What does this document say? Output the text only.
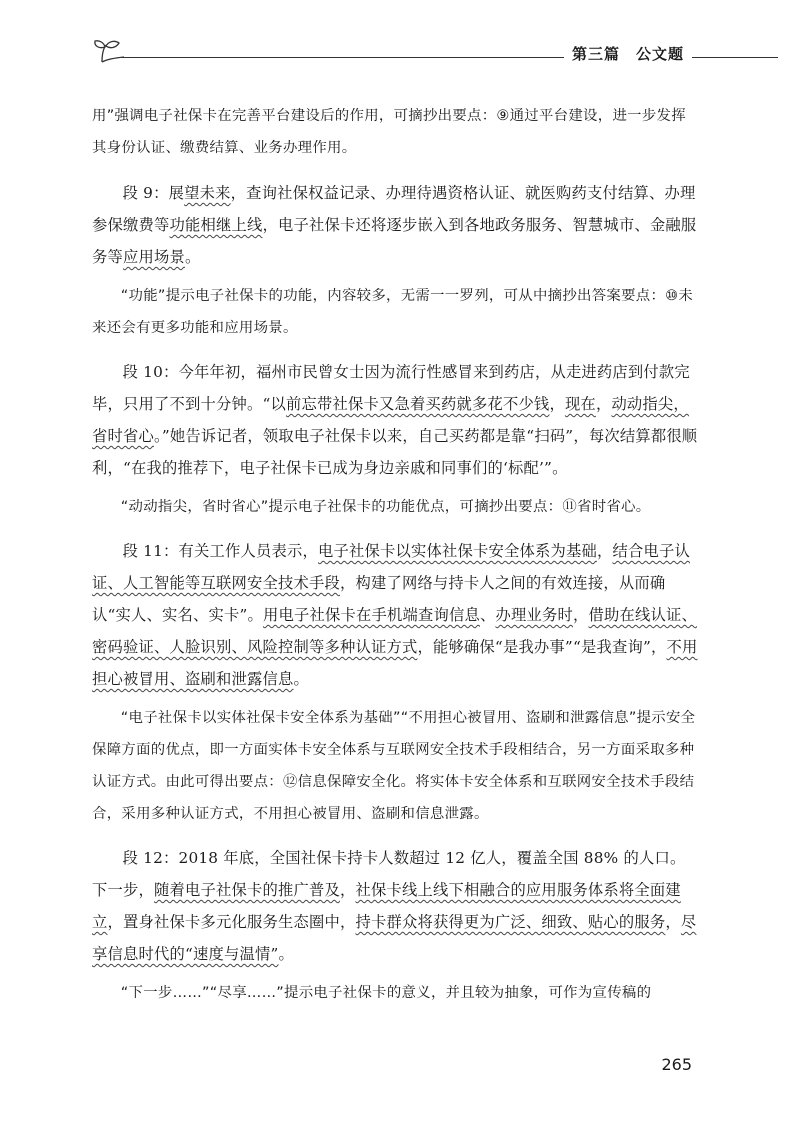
第三篇　公文题

用”强调电子社保卡在完善平台建设后的作用，可摘抄出要点：⑨通过平台建设，进一步发挥其身份认证、缴费结算、业务办理作用。

段 9：展望未来，查询社保权益记录、办理待遇资格认证、就医购药支付结算、办理参保缴费等功能相继上线，电子社保卡还将逐步嵌入到各地政务服务、智慧城市、金融服务等应用场景。

“功能”提示电子社保卡的功能，内容较多，无需一一罗列，可从中摘抄出答案要点：⑩未来还会有更多功能和应用场景。

段 10：今年年初，福州市民曾女士因为流行性感冒来到药店，从走进药店到付款完毕，只用了不到十分钟。“以前忘带社保卡又急着买药就多花不少钱，现在，动动指尖，省时省心。”她告诉记者，领取电子社保卡以来，自己买药都是靠“扫码”，每次结算都很顺利，“在我的推荐下，电子社保卡已成为身边亲戚和同事们的‘标配’”。

“动动指尖，省时省心”提示电子社保卡的功能优点，可摘抄出要点：⑪省时省心。

段 11：有关工作人员表示，电子社保卡以实体社保卡安全体系为基础，结合电子认证、人工智能等互联网安全技术手段，构建了网络与持卡人之间的有效连接，从而确认“实人、实名、实卡”。用电子社保卡在手机端查询信息、办理业务时，借助在线认证、密码验证、人脸识别、风险控制等多种认证方式，能够确保“是我办事”“是我查询”，不用担心被冒用、盗刷和泄露信息。

“电子社保卡以实体社保卡安全体系为基础”“不用担心被冒用、盗刷和泄露信息”提示安全保障方面的优点，即一方面实体卡安全体系与互联网安全技术手段相结合，另一方面采取多种认证方式。由此可得出要点：⑫信息保障安全化。将实体卡安全体系和互联网安全技术手段结合，采用多种认证方式，不用担心被冒用、盗刷和信息泄露。

段 12：2018 年底，全国社保卡持卡人数超过 12 亿人，覆盖全国 88% 的人口。下一步，随着电子社保卡的推广普及，社保卡线上线下相融合的应用服务体系将全面建立，置身社保卡多元化服务生态圈中，持卡群众将获得更为广泛、细致、贴心的服务，尽享信息时代的“速度与温情”。

“下一步……”“尽享……”提示电子社保卡的意义，并且较为抽象，可作为宣传稿的

265
